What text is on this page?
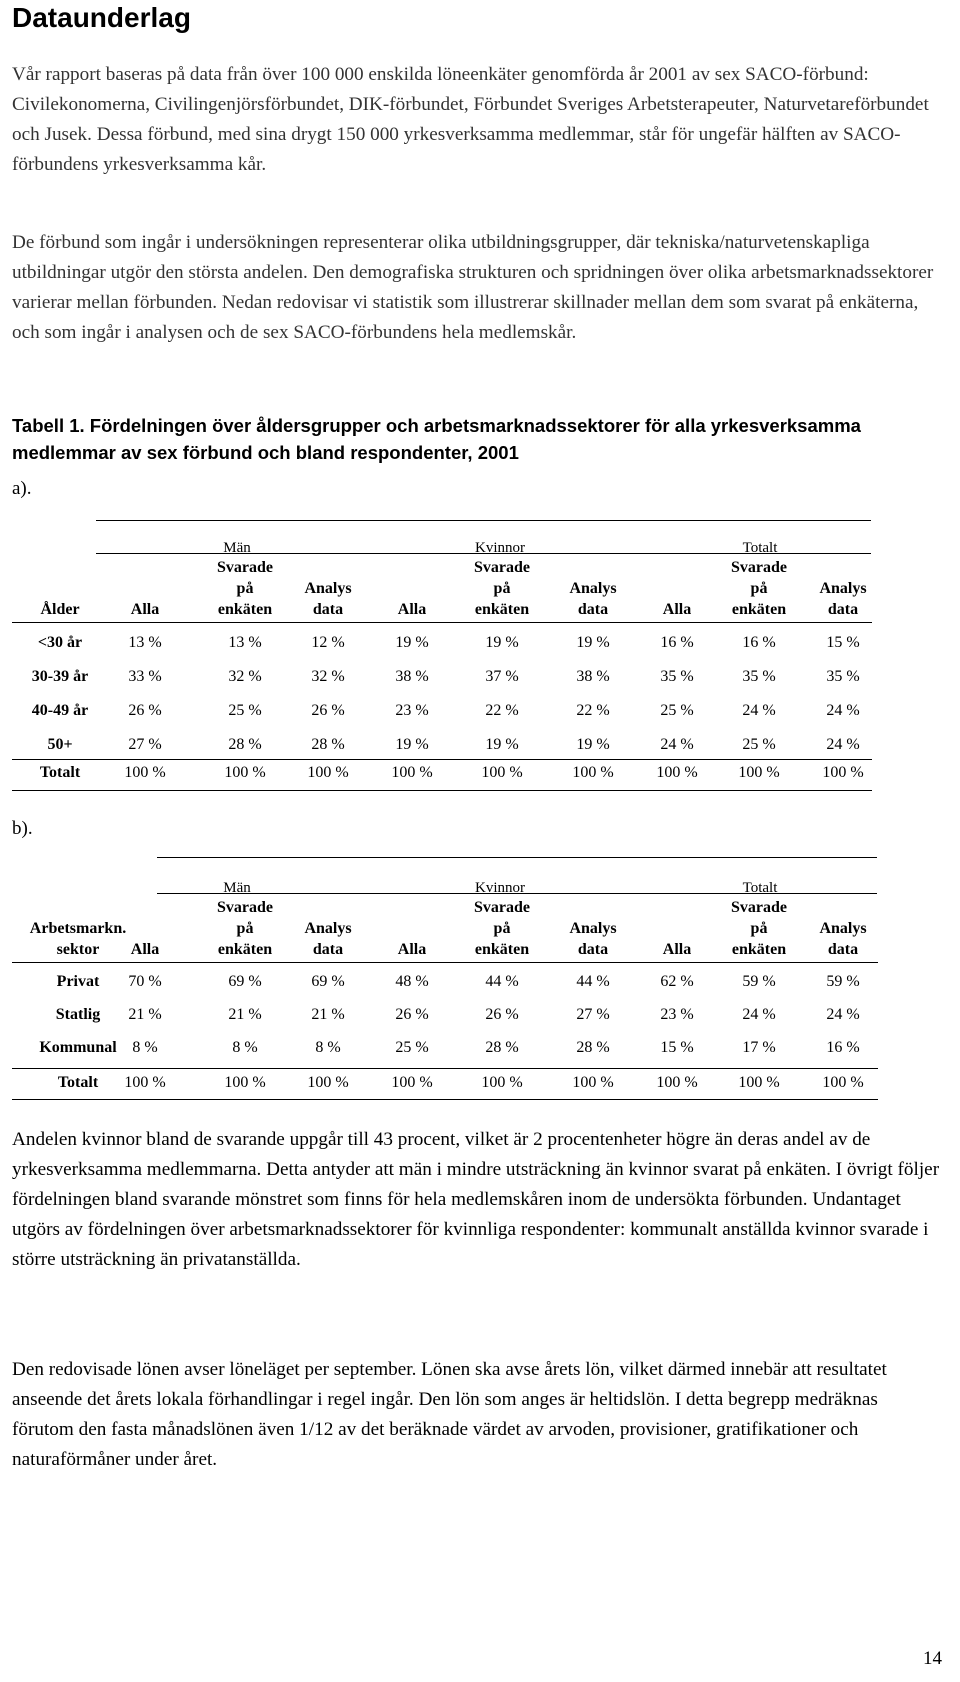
Dataunderlag

Vår rapport baseras på data från över 100 000 enskilda löneenkäter genomförda år 2001 av sex SACO-förbund: Civilekonomerna, Civilingenjörsförbundet, DIK-förbundet, Förbundet Sveriges Arbetsterapeuter, Naturvetareförbundet och Jusek. Dessa förbund, med sina drygt 150 000 yrkesverksamma medlemmar, står för ungefär hälften av SACO-förbundens yrkesverksamma kår.

De förbund som ingår i undersökningen representerar olika utbildningsgrupper, där tekniska/naturvetenskapliga utbildningar utgör den största andelen. Den demografiska strukturen och spridningen över olika arbetsmarknadssektorer varierar mellan förbunden. Nedan redovisar vi statistik som illustrerar skillnader mellan dem som svarat på enkäterna, och som ingår i analysen och de sex SACO-förbundens hela medlemskår.

Tabell 1. Fördelningen över åldersgrupper och arbetsmarknadssektorer för alla yrkesverksamma medlemmar av sex förbund och bland respondenter, 2001

a).

b).

Andelen kvinnor bland de svarande uppgår till 43 procent, vilket är 2 procentenheter högre än deras andel av de yrkesverksamma medlemmarna. Detta antyder att män i mindre utsträckning än kvinnor svarat på enkäten. I övrigt följer fördelningen bland svarande mönstret som finns för hela medlemskåren inom de undersökta förbunden. Undantaget utgörs av fördelningen över arbetsmarknadssektorer för kvinnliga respondenter: kommunalt anställda kvinnor svarade i större utsträckning än privatanställda.

Den redovisade lönen avser löneläget per september. Lönen ska avse årets lön, vilket därmed innebär att resultatet anseende det årets lokala förhandlingar i regel ingår. Den lön som anges är heltidslön. I detta begrepp medräknas förutom den fasta månadslönen även 1/12 av det beräknade värdet av arvoden, provisioner, gratifikationer och naturaförmåner under året.

14
Män	Kvinnor	Totalt
Alla
Svarade
på
enkäten
Analys
data	Alla
Svarade
på
enkäten
Analys
data	Alla
Svarade
på
enkäten
Analys
data
Ålder
<30 år	13 %	13 %	12 %	19 %	19 %	19 %	16 %	16 %	15 %
30-39 år	33 %	32 %	32 %	38 %	37 %	38 %	35 %	35 %	35 %
40-49 år	26 %	25 %	26 %	23 %	22 %	22 %	25 %	24 %	24 %
50+	27 %	28 %	28 %	19 %	19 %	19 %	24 %	25 %	24 %
Totalt	100 %	100 %	100 %	100 %	100 %	100 %	100 %	100 %	100 %
Män	Kvinnor	Totalt
Alla
Svarade
på
enkäten
Analys
data	Alla
Svarade
på
enkäten
Analys
data	Alla
Svarade
på
enkäten
Analys
data
Arbetsmarkn.
sektor
Privat 70 %	69 %	69 %	48 %	44 %	44 %	62 %	59 %	59 %
Statlig 21 %	21 %	21 %	26 %	26 %	27 %	23 %	24 %	24 %
Kommunal 8 %	8 %	8 %	25 %	28 %	28 %	15 %	17 %	16 %
Totalt 100 %	100 %	100 %	100 %	100 %	100 %	100 %	100 %	100 %
